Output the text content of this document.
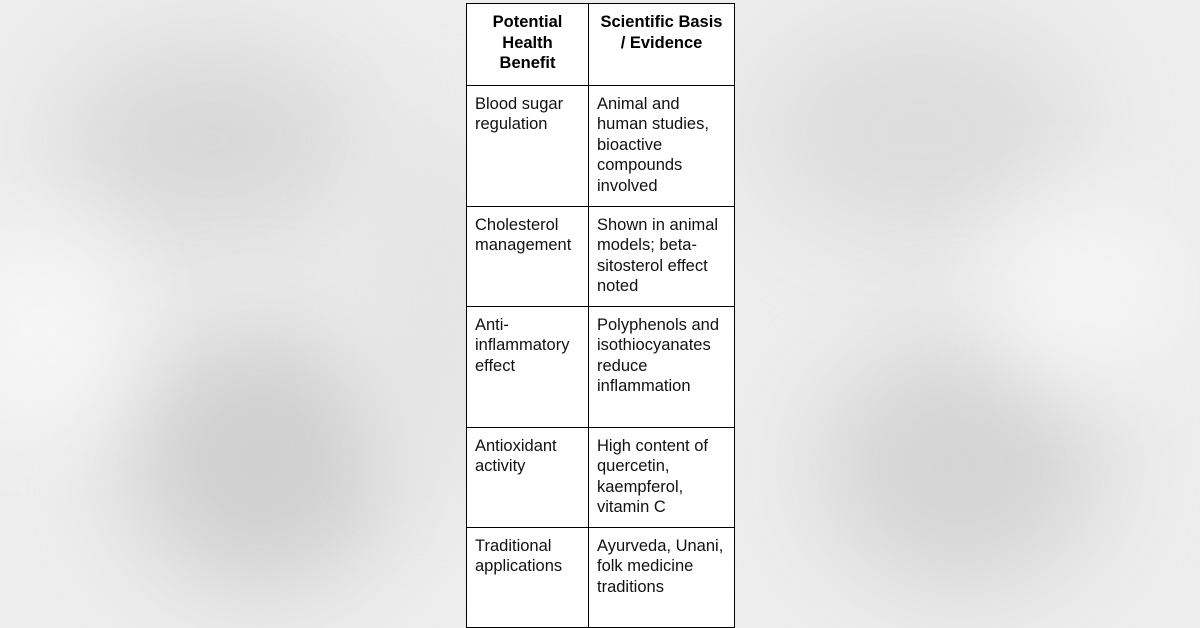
Potential Health Benefit	Scientific Basis / Evidence
Blood sugar regulation	Animal and human studies, bioactive compounds involved
Cholesterol management	Shown in animal models; beta-sitosterol effect noted
Anti-inflammatory effect	Polyphenols and isothiocyanates reduce inflammation
Antioxidant activity	High content of quercetin, kaempferol, vitamin C
Traditional applications	Ayurveda, Unani, folk medicine traditions
